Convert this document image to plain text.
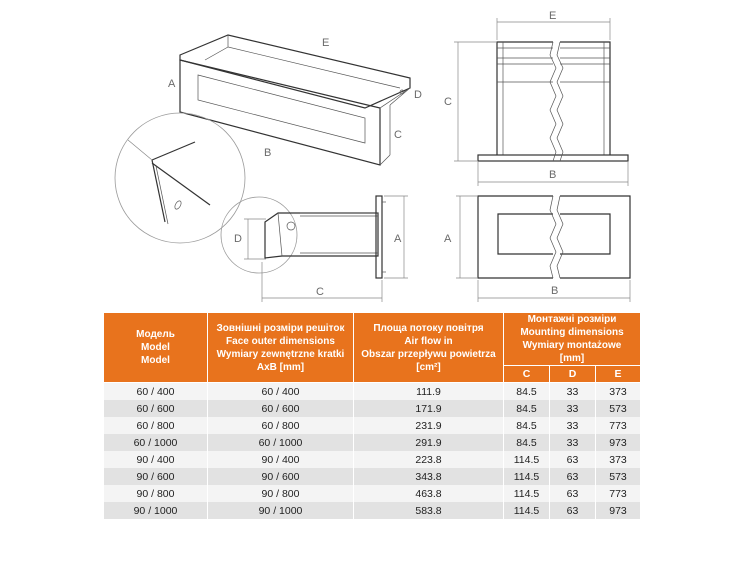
A
E
D
C
B
D	A
C
E
C
B
A
B
Модель
Model
Model	Зовнішні розміри решіток
Face outer dimensions
Wymiary zewnętrzne kratki
AxB [mm]	Площа потоку повітря
Air flow in
Obszar przepływu powietrza
[cm²]	Монтажні розміри
Mounting dimensions
Wymiary montażowe
[mm]		

			C	D	E
60 / 400	60 / 400	111.9	84.5	33	373
60 / 600	60 / 600	171.9	84.5	33	573
60 / 800	60 / 800	231.9	84.5	33	773
60 / 1000	60 / 1000	291.9	84.5	33	973
90 / 400	90 / 400	223.8	114.5	63	373
90 / 600	90 / 600	343.8	114.5	63	573
90 / 800	90 / 800	463.8	114.5	63	773
90 / 1000	90 / 1000	583.8	114.5	63	973
